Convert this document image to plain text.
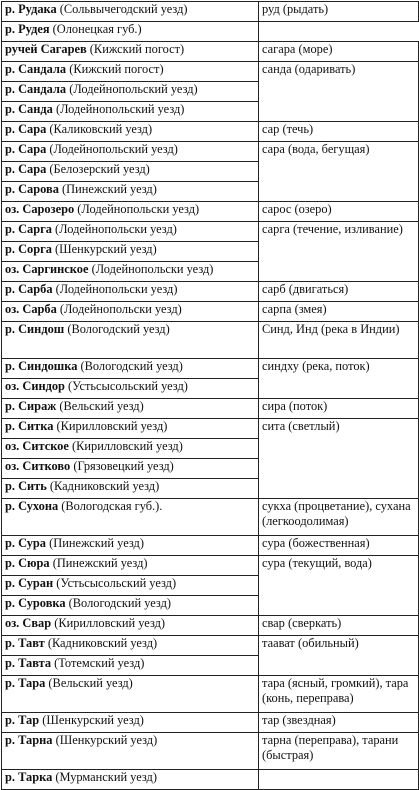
р. Рудака (Сольвычегодский уезд)	руд (рыдать)
р. Рудея (Олонецкая губ.)	
ручей Сагарев (Кижский погост)	сагара (море)
р. Сандала (Кижский погост)	санда (одаривать)
р. Сандала (Лодейнопольский уезд)	
р. Санда (Лодейнопольский уезд)	
р. Сара (Каликовский уезд)	сар (течь)
р. Сара (Лодейнопольский уезд)	сара (вода, бегущая)
р. Сара (Белозерский уезд)	
р. Сарова (Пинежский уезд)	
оз. Сарозеро (Лодейнопольски уезд)	сарос (озеро)
р. Сарга (Лодейнопольски уезд)	сарга (течение, изливание)
р. Сорга (Шенкурский уезд)	
оз. Саргинское (Лодейнопольски уезд)	
р. Сарба (Лодейнопольски уезд)	сарб (двигаться)
оз. Сарба (Лодейнопольски уезд)	сарпа (змея)
р. Синдош (Вологодский уезд)	Синд, Инд (река в Индии)
р. Синдошка (Вологодский уезд)	синдху (река, поток)
оз. Синдор (Устьсысольский уезд)	
р. Сираж (Вельский уезд)	сира (поток)
р. Ситка (Кирилловский уезд)	сита (светлый)
оз. Ситское (Кирилловский уезд)	
оз. Ситково (Грязовецкий уезд)	
р. Сить (Кадниковский уезд)	
р. Сухона (Вологодская губ.).	сукха (процветание), сухана (легкоодолимая)
р. Сура (Пинежский уезд)	сура (божественная)
р. Сюра (Пинежский уезд)	сура (текущий, вода)
р. Суран (Устьсысольский уезд)	
р. Суровка (Вологодский уезд)	
оз. Свар (Кирилловский уезд)	свар (сверкать)
р. Тавт (Кадниковский уезд)	таават (обильный)
р. Тавта (Тотемский уезд)	
р. Тара (Вельский уезд)	тара (ясный, громкий), тара (конь, переправа)
р. Тар (Шенкурский уезд)	тар (звездная)
р. Тарна (Шенкурский уезд)	тарна (переправа), тарани (быстрая)
р. Тарка (Мурманский уезд)	
